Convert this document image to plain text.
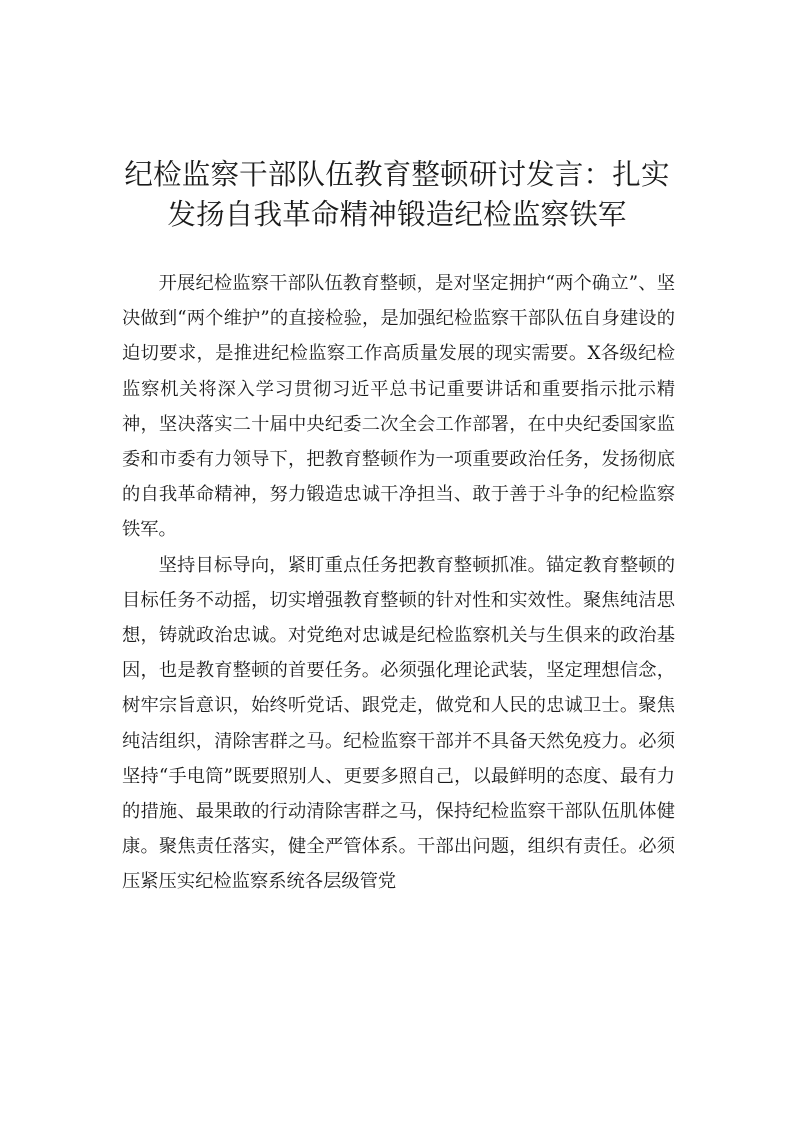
纪检监察干部队伍教育整顿研讨发言：扎实
发扬自我革命精神锻造纪检监察铁军

开展纪检监察干部队伍教育整顿，是对坚定拥护“两个确立”、坚决做到“两个维护”的直接检验，是加强纪检监察干部队伍自身建设的迫切要求，是推进纪检监察工作高质量发展的现实需要。X各级纪检监察机关将深入学习贯彻习近平总书记重要讲话和重要指示批示精神，坚决落实二十届中央纪委二次全会工作部署，在中央纪委国家监委和市委有力领导下，把教育整顿作为一项重要政治任务，发扬彻底的自我革命精神，努力锻造忠诚干净担当、敢于善于斗争的纪检监察铁军。

坚持目标导向，紧盯重点任务把教育整顿抓准。锚定教育整顿的目标任务不动摇，切实增强教育整顿的针对性和实效性。聚焦纯洁思想，铸就政治忠诚。对党绝对忠诚是纪检监察机关与生俱来的政治基因，也是教育整顿的首要任务。必须强化理论武装，坚定理想信念，树牢宗旨意识，始终听党话、跟党走，做党和人民的忠诚卫士。聚焦纯洁组织，清除害群之马。纪检监察干部并不具备天然免疫力。必须坚持“手电筒”既要照别人、更要多照自己，以最鲜明的态度、最有力的措施、最果敢的行动清除害群之马，保持纪检监察干部队伍肌体健康。聚焦责任落实，健全严管体系。干部出问题，组织有责任。必须压紧压实纪检监察系统各层级管党
